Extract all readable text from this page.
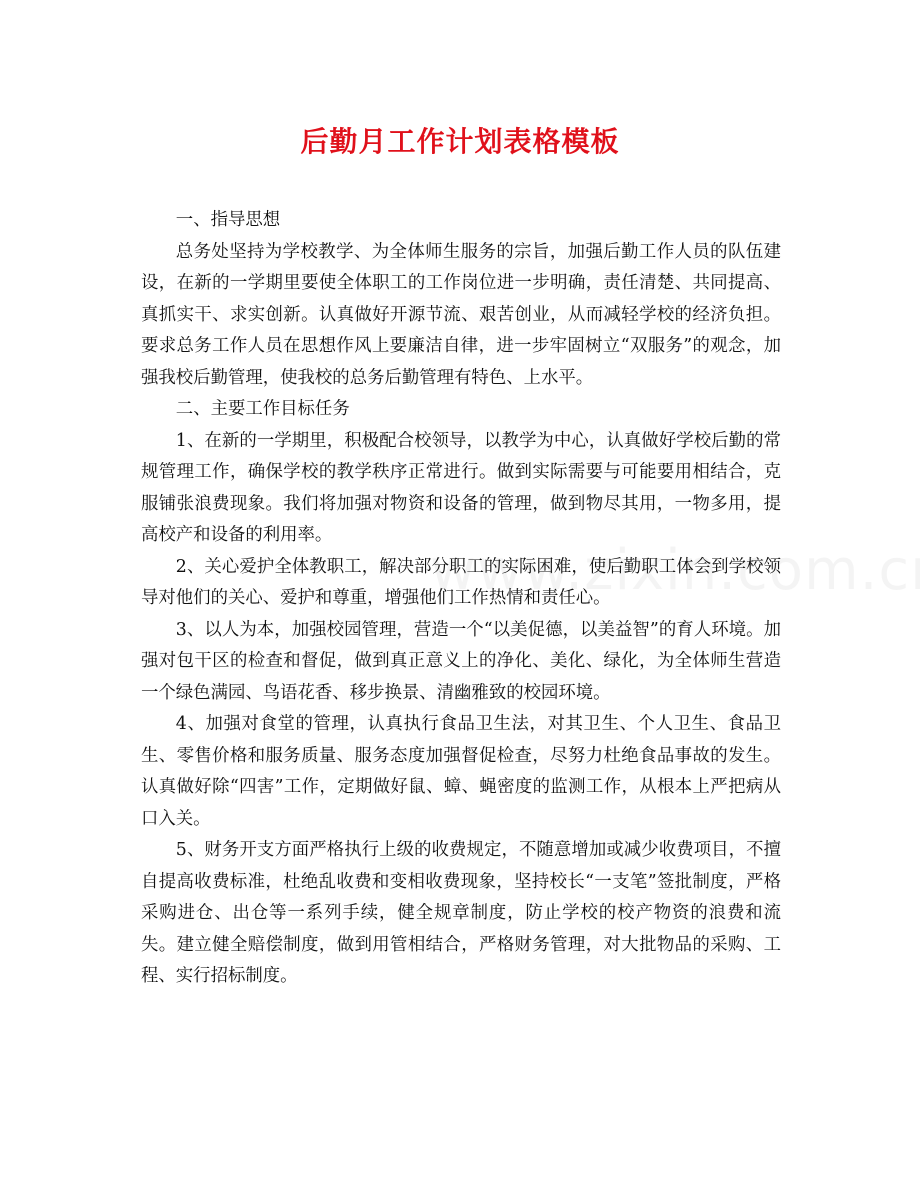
后勤月工作计划表格模板

一、指导思想

总务处坚持为学校教学、为全体师生服务的宗旨，加强后勤工作人员的队伍建设，在新的一学期里要使全体职工的工作岗位进一步明确，责任清楚、共同提高、真抓实干、求实创新。认真做好开源节流、艰苦创业，从而减轻学校的经济负担。要求总务工作人员在思想作风上要廉洁自律，进一步牢固树立“双服务”的观念，加强我校后勤管理，使我校的总务后勤管理有特色、上水平。

二、主要工作目标任务

1、在新的一学期里，积极配合校领导，以教学为中心，认真做好学校后勤的常规管理工作，确保学校的教学秩序正常进行。做到实际需要与可能要用相结合，克服铺张浪费现象。我们将加强对物资和设备的管理，做到物尽其用，一物多用，提高校产和设备的利用率。

2、关心爱护全体教职工，解决部分职工的实际困难，使后勤职工体会到学校领导对他们的关心、爱护和尊重，增强他们工作热情和责任心。

3、以人为本，加强校园管理，营造一个“以美促德，以美益智”的育人环境。加强对包干区的检查和督促，做到真正意义上的净化、美化、绿化，为全体师生营造一个绿色满园、鸟语花香、移步换景、清幽雅致的校园环境。

4、加强对食堂的管理，认真执行食品卫生法，对其卫生、个人卫生、食品卫生、零售价格和服务质量、服务态度加强督促检查，尽努力杜绝食品事故的发生。认真做好除“四害”工作，定期做好鼠、蟑、蝇密度的监测工作，从根本上严把病从口入关。

5、财务开支方面严格执行上级的收费规定，不随意增加或减少收费项目，不擅自提高收费标准，杜绝乱收费和变相收费现象，坚持校长“一支笔”签批制度，严格采购进仓、出仓等一系列手续，健全规章制度，防止学校的校产物资的浪费和流失。建立健全赔偿制度，做到用管相结合，严格财务管理，对大批物品的采购、工程、实行招标制度。
